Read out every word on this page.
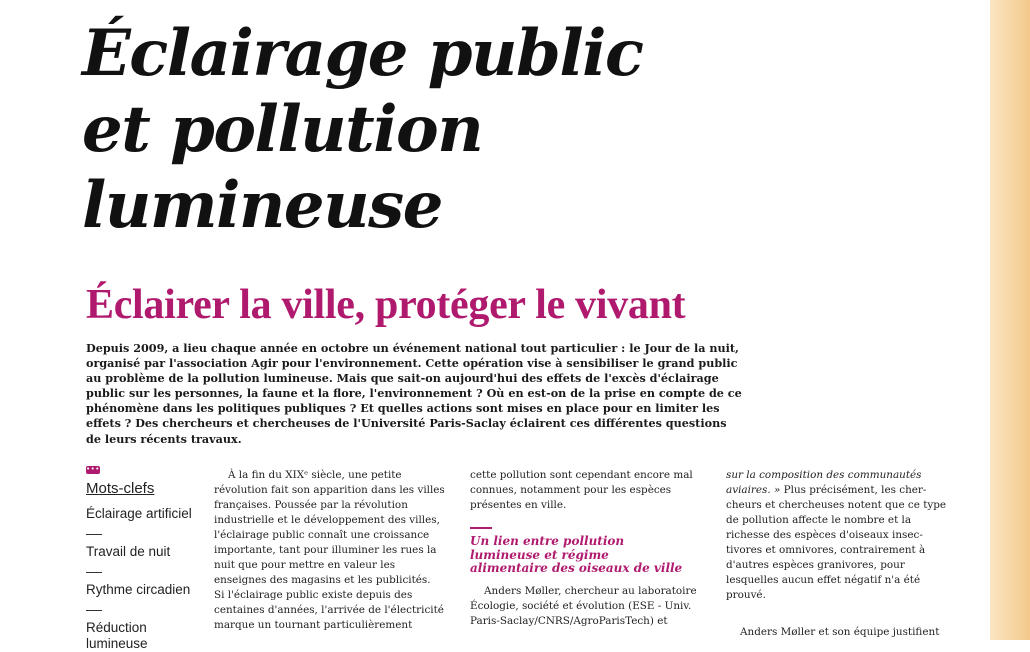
Éclairage public
et pollution
lumineuse
Éclairer la ville, protéger le vivant
Depuis 2009, a lieu chaque année en octobre un événement national tout particulier : le Jour de la nuit,
organisé par l'association Agir pour l'environnement. Cette opération vise à sensibiliser le grand public
au problème de la pollution lumineuse. Mais que sait-on aujourd'hui des effets de l'excès d'éclairage
public sur les personnes, la faune et la flore, l'environnement ? Où en est-on de la prise en compte de ce
phénomène dans les politiques publiques ? Et quelles actions sont mises en place pour en limiter les
effets ? Des chercheurs et chercheuses de l'Université Paris-Saclay éclairent ces différentes questions
de leurs récents travaux.
•••
Mots-clefs
Éclairage artificiel
Travail de nuit
Rythme circadien
Réduction
lumineuse
À la fin du XIXᵉ siècle, une petite
révolution fait son apparition dans les villes
françaises. Poussée par la révolution
industrielle et le développement des villes,
l'éclairage public connaît une croissance
importante, tant pour illuminer les rues la
nuit que pour mettre en valeur les
enseignes des magasins et les publicités.
Si l'éclairage public existe depuis des
centaines d'années, l'arrivée de l'électricité
marque un tournant particulièrement
cette pollution sont cependant encore mal
connues, notamment pour les espèces
présentes en ville.
Un lien entre pollution
lumineuse et régime
alimentaire des oiseaux de ville
Anders Møller, chercheur au laboratoire
Écologie, société et évolution (ESE - Univ.
Paris-Saclay/CNRS/AgroParisTech) et
sur la composition des communautés
aviaires. » Plus précisément, les cher-
cheurs et chercheuses notent que ce type
de pollution affecte le nombre et la
richesse des espèces d'oiseaux insec-
tivores et omnivores, contrairement à
d'autres espèces granivores, pour
lesquelles aucun effet négatif n'a été
prouvé.
Anders Møller et son équipe justifient
